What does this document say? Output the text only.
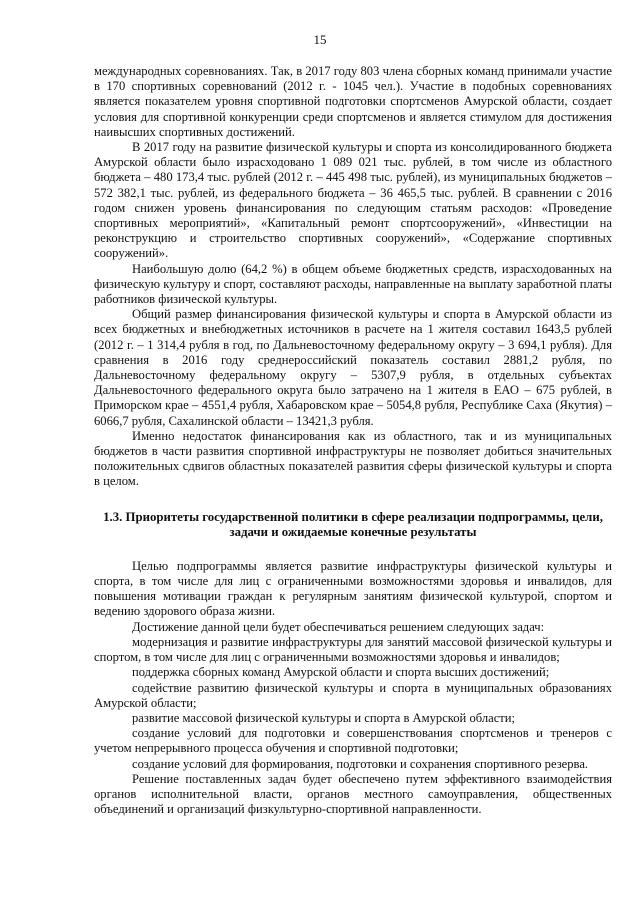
15

международных соревнованиях. Так, в 2017 году 803 члена сборных команд принимали участие в 170 спортивных соревнований (2012 г. - 1045 чел.). Участие в подобных соревнованиях является показателем уровня спортивной подготовки спортсменов Амурской области, создает условия для спортивной конкуренции среди спортсменов и является стимулом для достижения наивысших спортивных достижений.

В 2017 году на развитие физической культуры и спорта из консолидированного бюджета Амурской области было израсходовано 1 089 021 тыс. рублей, в том числе из областного бюджета – 480 173,4 тыс. рублей (2012 г. – 445 498 тыс. рублей), из муниципальных бюджетов – 572 382,1 тыс. рублей, из федерального бюджета – 36 465,5 тыс. рублей. В сравнении с 2016 годом снижен уровень финансирования по следующим статьям расходов: «Проведение спортивных мероприятий», «Капитальный ремонт спортсооружений», «Инвестиции на реконструкцию и строительство спортивных сооружений», «Содержание спортивных сооружений».

Наибольшую долю (64,2 %) в общем объеме бюджетных средств, израсходованных на физическую культуру и спорт, составляют расходы, направленные на выплату заработной платы работников физической культуры.

Общий размер финансирования физической культуры и спорта в Амурской области из всех бюджетных и внебюджетных источников в расчете на 1 жителя составил 1643,5 рублей (2012 г. – 1 314,4 рубля в год, по Дальневосточному федеральному округу – 3 694,1 рубля). Для сравнения в 2016 году среднероссийский показатель составил 2881,2 рубля, по Дальневосточному федеральному округу – 5307,9 рубля, в отдельных субъектах Дальневосточного федерального округа было затрачено на 1 жителя в ЕАО – 675 рублей, в Приморском крае – 4551,4 рубля, Хабаровском крае – 5054,8 рубля, Республике Саха (Якутия) – 6066,7 рубля, Сахалинской области – 13421,3 рубля.

Именно недостаток финансирования как из областного, так и из муниципальных бюджетов в части развития спортивной инфраструктуры не позволяет добиться значительных положительных сдвигов областных показателей развития сферы физической культуры и спорта в целом.

1.3. Приоритеты государственной политики в сфере реализации подпрограммы, цели, задачи и ожидаемые конечные результаты

Целью подпрограммы является развитие инфраструктуры физической культуры и спорта, в том числе для лиц с ограниченными возможностями здоровья и инвалидов, для повышения мотивации граждан к регулярным занятиям физической культурой, спортом и ведению здорового образа жизни.

Достижение данной цели будет обеспечиваться решением следующих задач:

модернизация и развитие инфраструктуры для занятий массовой физической культуры и спортом, в том числе для лиц с ограниченными возможностями здоровья и инвалидов;

поддержка сборных команд Амурской области и спорта высших достижений;

содействие развитию физической культуры и спорта в муниципальных образованиях Амурской области;

развитие массовой физической культуры и спорта в Амурской области;

создание условий для подготовки и совершенствования спортсменов и тренеров с учетом непрерывного процесса обучения и спортивной подготовки;

создание условий для формирования, подготовки и сохранения спортивного резерва.

Решение поставленных задач будет обеспечено путем эффективного взаимодействия органов исполнительной власти, органов местного самоуправления, общественных объединений и организаций физкультурно-спортивной направленности.
